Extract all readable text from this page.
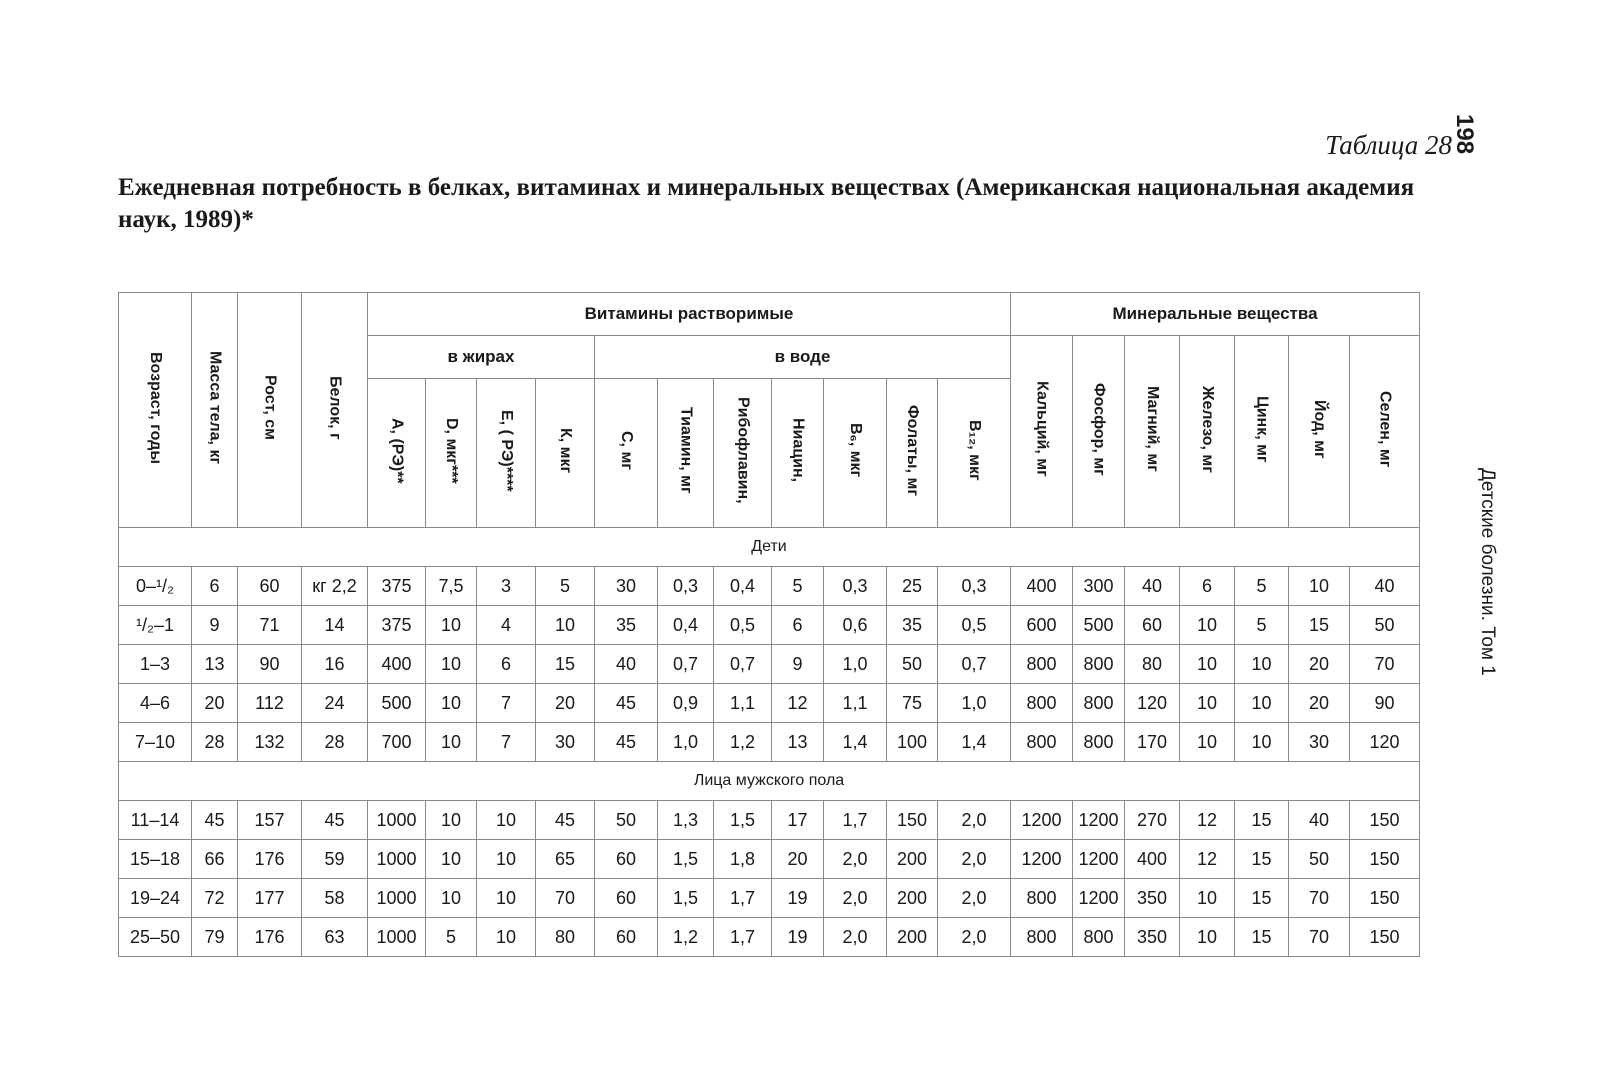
198
Таблица 28
Ежедневная потребность в белках, витаминах и минеральных веществах (Американская национальная академия наук, 1989)*
Детские болезни. Том 1
Возраст, годы	Масса тела, кг	Рост, см	Белок, г	Витамины растворимые											Минеральные вещества						
				в жирах				в воде							Кальций, мг	Фосфор, мг	Магний, мг	Железо, мг	Цинк, мг	Йод, мг	Селен, мг
				А, (РЭ)**	D, мкг***	Е, ( РЭ)****	К, мкг	С, мг	Тиамин, мг	Рибофлавин,	Ниацин,	В₆, мкг	Фолаты, мг	В₁₂, мкг							
Дети																					
0–¹/₂	6	60	кг 2,2	375	7,5	3	5	30	0,3	0,4	5	0,3	25	0,3	400	300	40	6	5	10	40
¹/₂–1	9	71	14	375	10	4	10	35	0,4	0,5	6	0,6	35	0,5	600	500	60	10	5	15	50
1–3	13	90	16	400	10	6	15	40	0,7	0,7	9	1,0	50	0,7	800	800	80	10	10	20	70
4–6	20	112	24	500	10	7	20	45	0,9	1,1	12	1,1	75	1,0	800	800	120	10	10	20	90
7–10	28	132	28	700	10	7	30	45	1,0	1,2	13	1,4	100	1,4	800	800	170	10	10	30	120
Лица мужского пола																					
11–14	45	157	45	1000	10	10	45	50	1,3	1,5	17	1,7	150	2,0	1200	1200	270	12	15	40	150
15–18	66	176	59	1000	10	10	65	60	1,5	1,8	20	2,0	200	2,0	1200	1200	400	12	15	50	150
19–24	72	177	58	1000	10	10	70	60	1,5	1,7	19	2,0	200	2,0	800	1200	350	10	15	70	150
25–50	79	176	63	1000	5	10	80	60	1,2	1,7	19	2,0	200	2,0	800	800	350	10	15	70	150
